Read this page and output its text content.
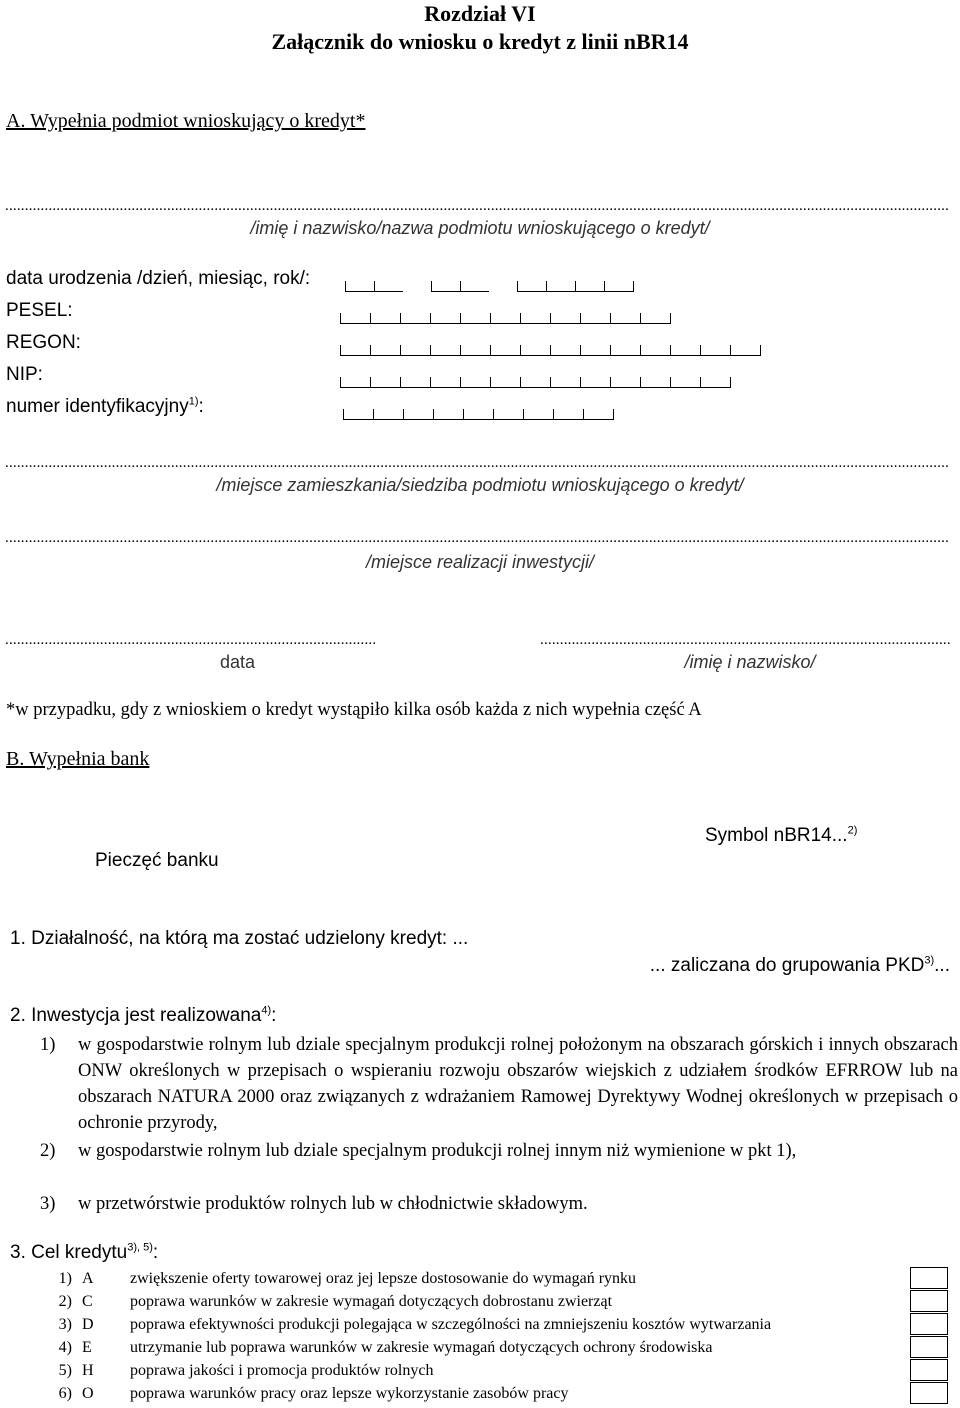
Rozdział VI
Załącznik do wniosku o kredyt z linii nBR14
A. Wypełnia podmiot wnioskujący o kredyt*
.....
/imię i nazwisko/nazwa podmiotu wnioskującego o kredyt/
data urodzenia /dzień, miesiąc, rok/:
PESEL:
REGON:
NIP:
numer identyfikacyjny$^{1)}$:
.....
/miejsce zamieszkania/siedziba podmiotu wnioskującego o kredyt/
.....
/miejsce realizacji inwestycji/
.....
.....
data	/imię i nazwisko/
*w przypadku, gdy z wnioskiem o kredyt wystąpiło kilka osób każda z nich wypełnia część A
B. Wypełnia bank
Pieczęć banku
Symbol nBR14...$^{2)}$
1. Działalność, na którą ma zostać udzielony kredyt: ...
... zaliczana do grupowania PKD$^{3)}$...
2. Inwestycja jest realizowana$^{4)}$:
1) w gospodarstwie rolnym lub dziale specjalnym produkcji rolnej położonym na obszarach górskich i innych obszarach ONW określonych w przepisach o wspieraniu rozwoju obszarów wiejskich z udziałem środków EFRROW lub na obszarach NATURA 2000 oraz związanych z wdrażaniem Ramowej Dyrektywy Wodnej określonych w przepisach o ochronie przyrody,
2) w gospodarstwie rolnym lub dziale specjalnym produkcji rolnej innym niż wymienione w pkt 1),
3) w przetwórstwie produktów rolnych lub w chłodnictwie składowym.
3. Cel kredytu$^{3), 5)}$:
1) A zwiększenie oferty towarowej oraz jej lepsze dostosowanie do wymagań rynku
2) C poprawa warunków w zakresie wymagań dotyczących dobrostanu zwierząt
3) D poprawa efektywności produkcji polegająca w szczególności na zmniejszeniu kosztów wytwarzania
4) E utrzymanie lub poprawa warunków w zakresie wymagań dotyczących ochrony środowiska
5) H poprawa jakości i promocja produktów rolnych
6) O poprawa warunków pracy oraz lepsze wykorzystanie zasobów pracy
